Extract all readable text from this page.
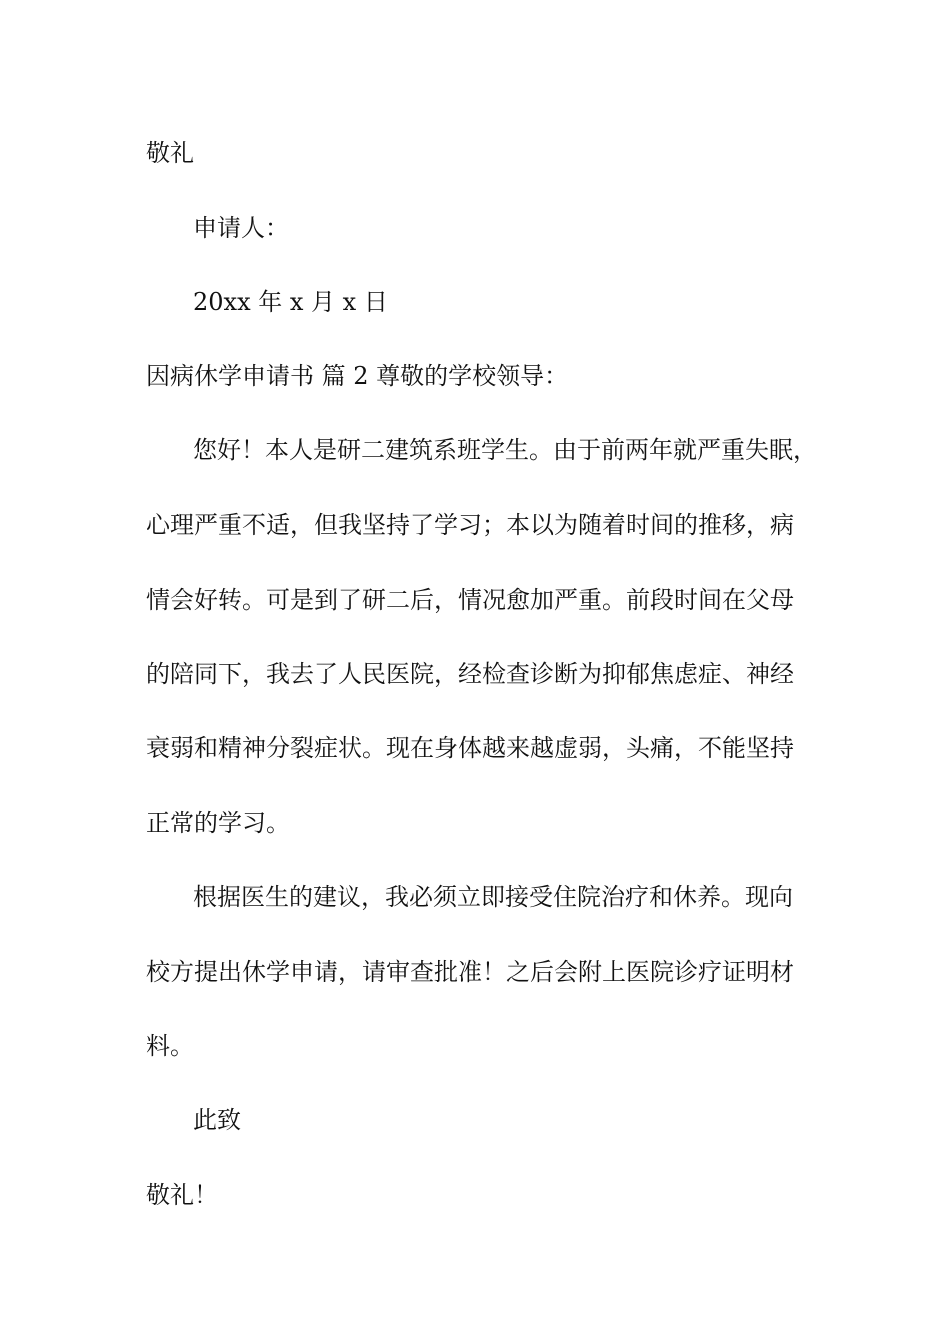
敬礼
申请人：
20xx 年 x 月 x 日
因病休学申请书 篇 2 尊敬的学校领导：
您好！本人是研二建筑系班学生。由于前两年就严重失眠，
心理严重不适，但我坚持了学习；本以为随着时间的推移，病
情会好转。可是到了研二后，情况愈加严重。前段时间在父母
的陪同下，我去了人民医院，经检查诊断为抑郁焦虑症、神经
衰弱和精神分裂症状。现在身体越来越虚弱，头痛，不能坚持
正常的学习。
根据医生的建议，我必须立即接受住院治疗和休养。现向
校方提出休学申请，请审查批准！之后会附上医院诊疗证明材
料。
此致
敬礼！
